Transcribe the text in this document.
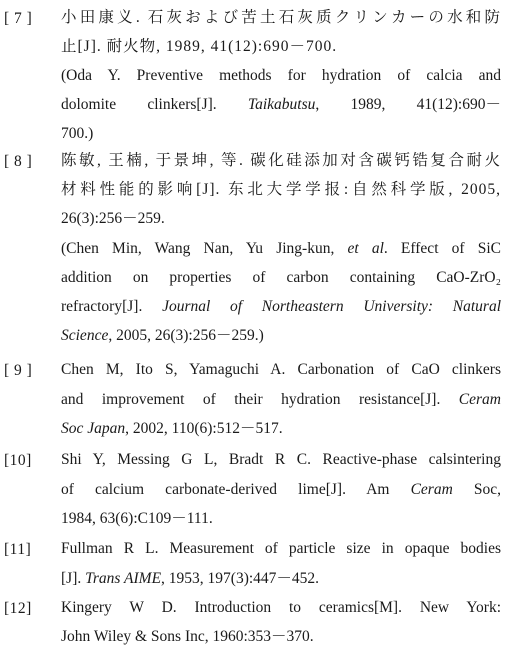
[ 7 ]	小田康义. 石灰および苦土石灰质クリンカーの水和防
止[J]. 耐火物, 1989, 41(12):690－700.
(Oda Y. Preventive methods for hydration of calcia and
dolomite clinkers[J]. Taikabutsu, 1989, 41(12):690－
700.)
[ 8 ]	陈敏, 王楠, 于景坤, 等. 碳化硅添加对含碳钙锆复合耐火
材料性能的影响[J]. 东北大学学报:自然科学版, 2005,
26(3):256－259.
(Chen Min, Wang Nan, Yu Jing-kun, et al. Effect of SiC
addition on properties of carbon containing CaO-ZrO₂
refractory[J]. Journal of Northeastern University: Natural
Science, 2005, 26(3):256－259.)
[ 9 ]	Chen M, Ito S, Yamaguchi A. Carbonation of CaO clinkers
and improvement of their hydration resistance[J]. Ceram
Soc Japan, 2002, 110(6):512－517.
[10]	Shi Y, Messing G L, Bradt R C. Reactive-phase calsintering
of calcium carbonate-derived lime[J]. Am Ceram Soc,
1984, 63(6):C109－111.
[11]	Fullman R L. Measurement of particle size in opaque bodies
[J]. Trans AIME, 1953, 197(3):447－452.
[12]	Kingery W D. Introduction to ceramics[M]. New York:
John Wiley & Sons Inc, 1960:353－370.
